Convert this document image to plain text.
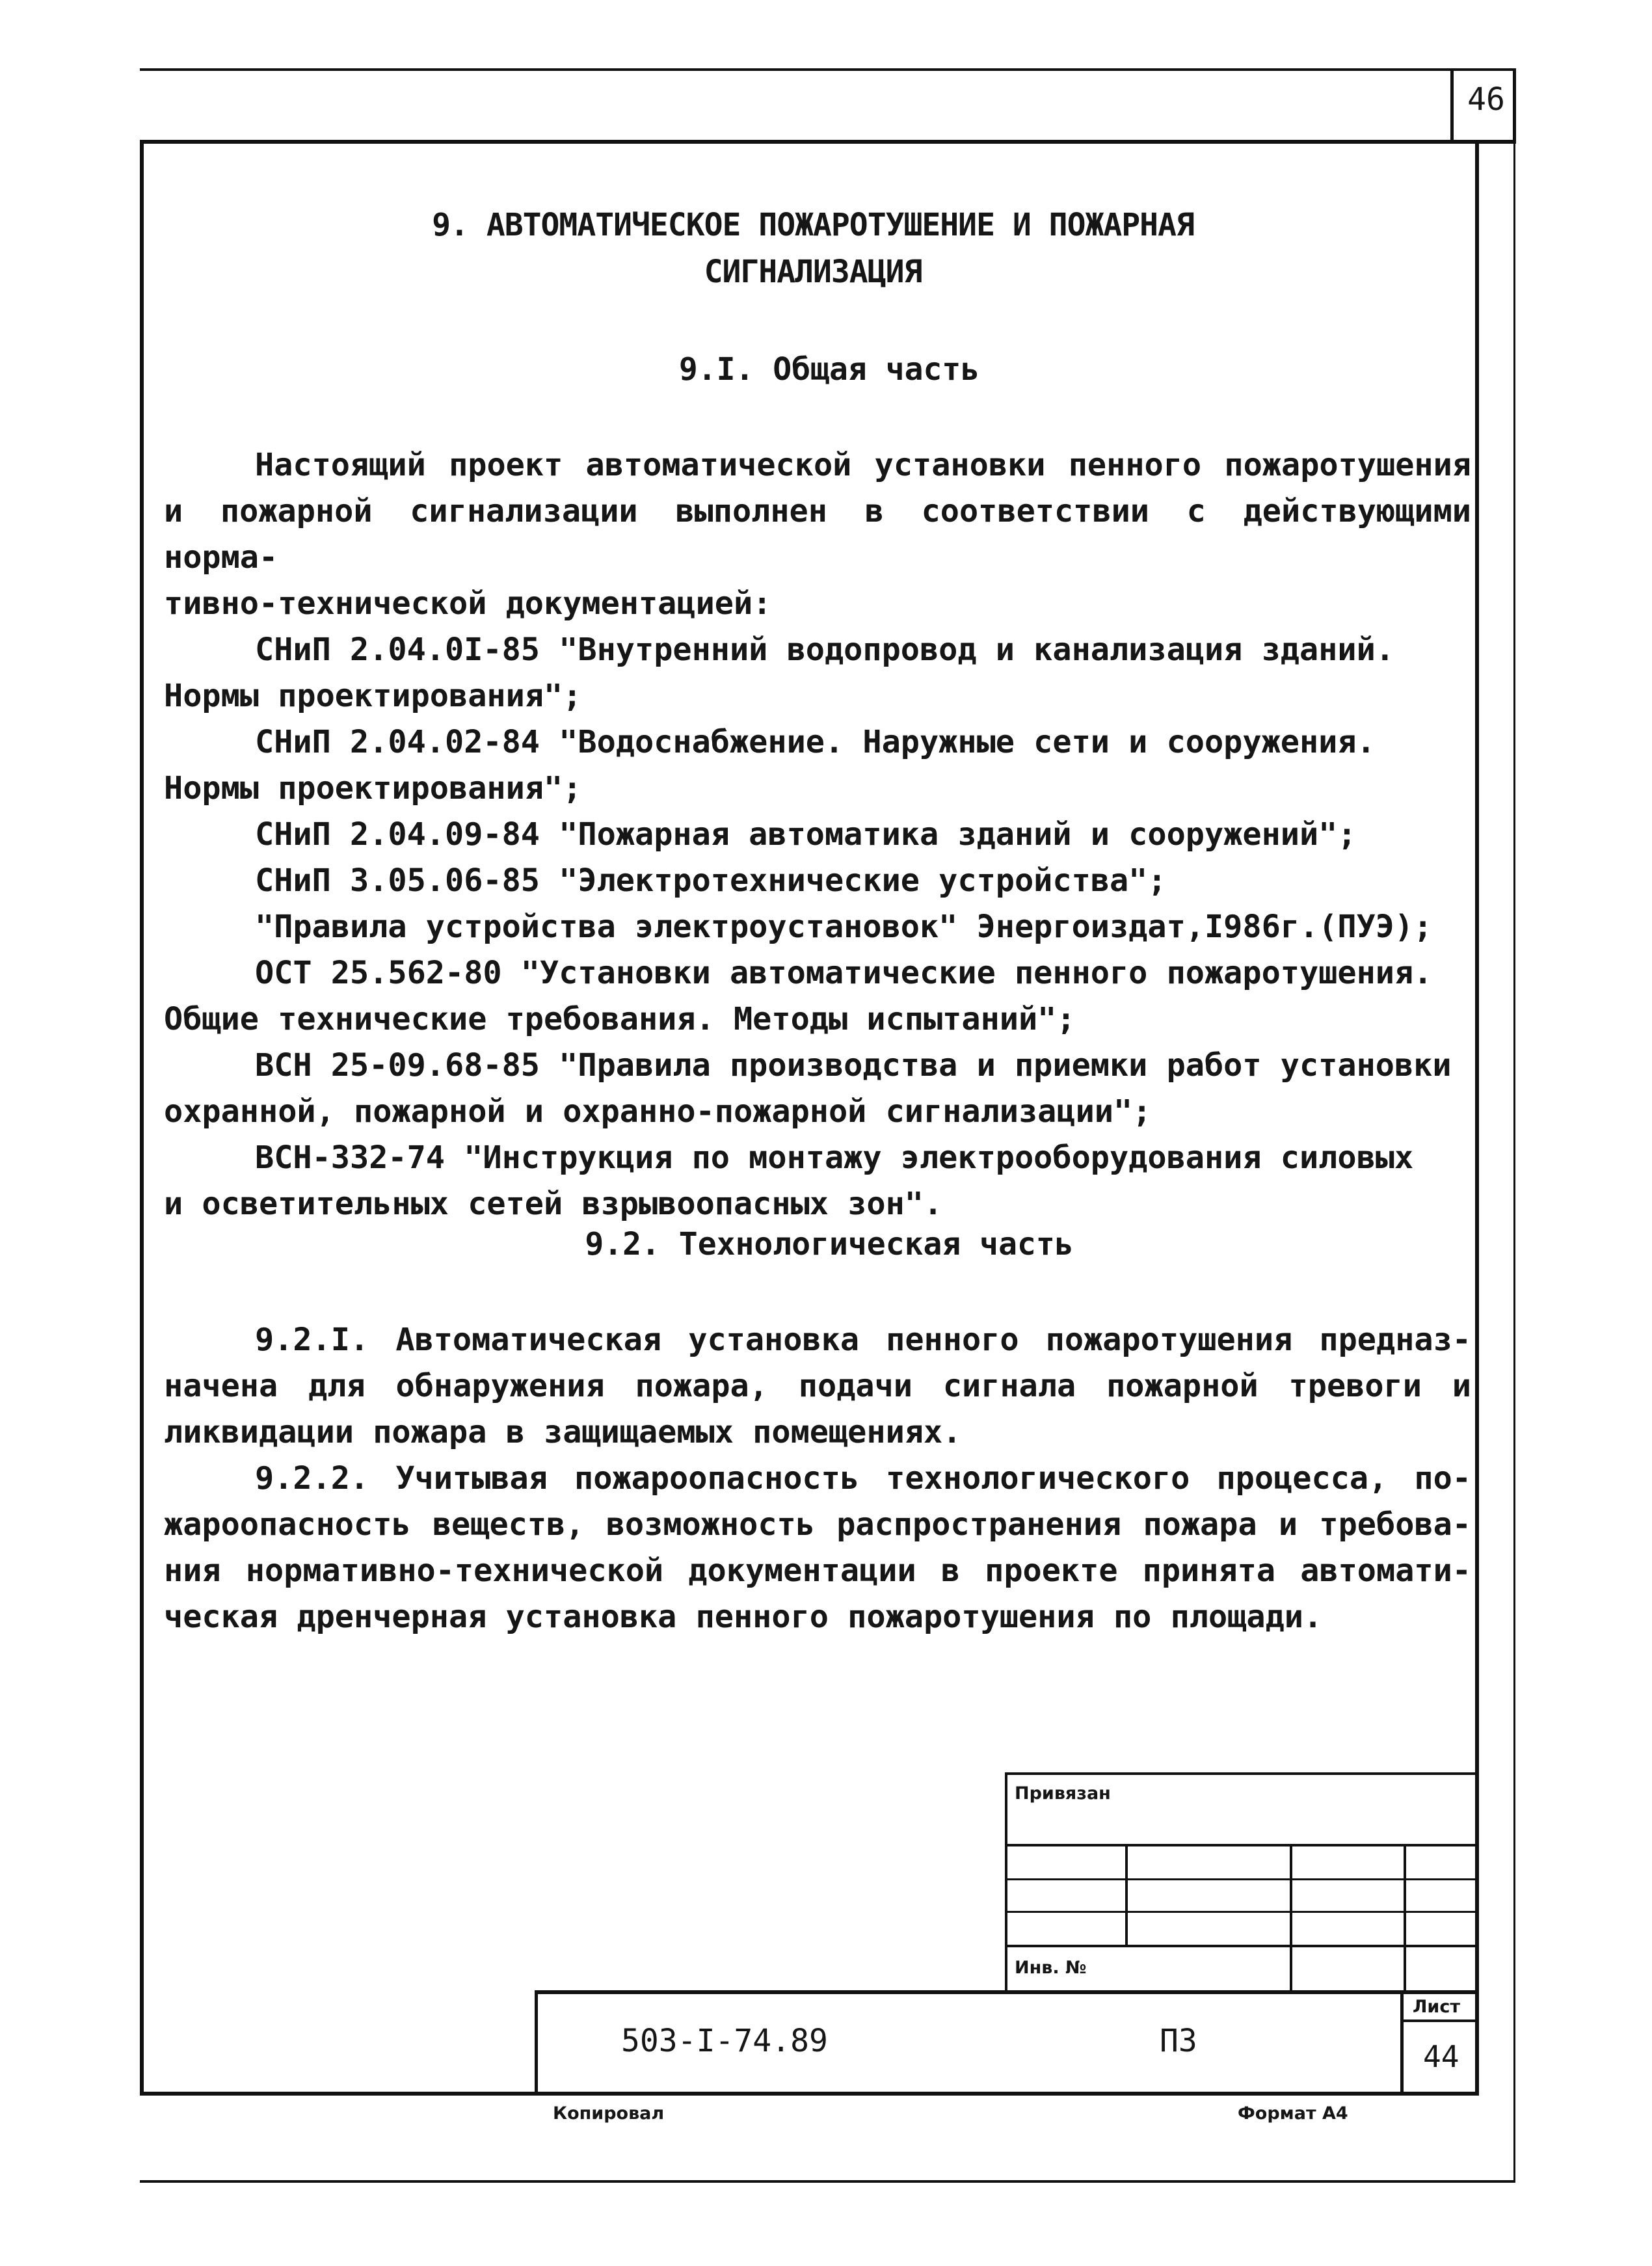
46
9. АВТОМАТИЧЕСКОЕ ПОЖАРОТУШЕНИЕ И ПОЖАРНАЯ
СИГНАЛИЗАЦИЯ
9.I. Общая часть

Настоящий проект автоматической установки пенного пожаротушения

и пожарной сигнализации выполнен в соответствии с действующими норма-

тивно-технической документацией:

СНиП 2.04.0I-85 "Внутренний водопровод и канализация зданий.

Нормы проектирования";

СНиП 2.04.02-84 "Водоснабжение. Наружные сети и сооружения.

Нормы проектирования";

СНиП 2.04.09-84 "Пожарная автоматика зданий и сооружений";

СНиП 3.05.06-85 "Электротехнические устройства";

"Правила устройства электроустановок" Энергоиздат,I986г.(ПУЭ);

ОСТ 25.562-80 "Установки автоматические пенного пожаротушения.

Общие технические требования. Методы испытаний";

ВСН 25-09.68-85 "Правила производства и приемки работ установки

охранной, пожарной и охранно-пожарной сигнализации";

ВСН-332-74 "Инструкция по монтажу электрооборудования силовых

и осветительных сетей взрывоопасных зон".

9.2. Технологическая часть

9.2.I. Автоматическая установка пенного пожаротушения предназ-

начена для обнаружения пожара, подачи сигнала пожарной тревоги и

ликвидации пожара в защищаемых помещениях.

9.2.2. Учитывая пожароопасность технологического процесса, по-

жароопасность веществ, возможность распространения пожара и требова-

ния нормативно-технической документации в проекте принята автомати-

ческая дренчерная установка пенного пожаротушения по площади.

Привязан
Инв. №
503-I-74.89	ПЗ
Лист
44
Копировал	Формат А4
